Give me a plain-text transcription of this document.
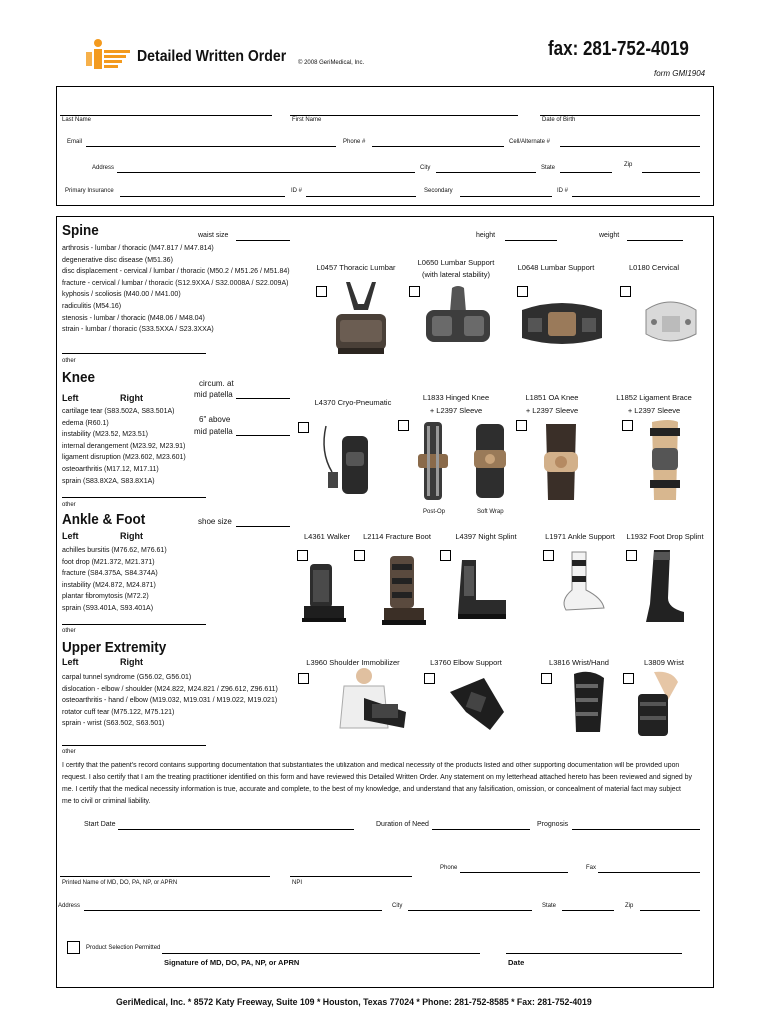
Detailed Written Order © 2008 GeriMedical, Inc.
fax: 281-752-4019
form GMI1904
Last Name	First Name	Date of Birth
Email	Phone #	Cell/Alternate #
Address	City	State	Zip
Primary Insurance	ID #	Secondary	ID #
Spine	waist size	height	weight
arthrosis - lumbar / thoracic (M47.817 / M47.814)
degenerative disc disease (M51.36)
disc displacement - cervical / lumbar / thoracic (M50.2 / M51.26 / M51.84)
fracture - cervical / lumbar / thoracic (S12.9XXA / S32.0008A / S22.009A)
kyphosis / scoliosis (M40.00 / M41.00)
radiculitis (M54.16)
stenosis - lumbar / thoracic (M48.06 / M48.04)
strain - lumbar / thoracic (S33.5XXA / S23.3XXA)
other
L0457 Thoracic Lumbar
L0650 Lumbar Support
(with lateral stability)
L0648 Lumbar Support	L0180 Cervical
Knee
Left	Right
circum. at
mid patella
6" above
mid patella
cartilage tear (S83.502A, S83.501A)
edema (R60.1)
instability (M23.52, M23.51)
internal derangement (M23.92, M23.91)
ligament disruption (M23.602, M23.601)
osteoarthritis (M17.12, M17.11)
sprain (S83.8X2A, S83.8X1A)
other
L4370 Cryo-Pneumatic
L1833 Hinged Knee
+ L2397 Sleeve
L1851 OA Knee
+ L2397 Sleeve
L1852 Ligament Brace
+ L2397 Sleeve
Post-Op	Soft Wrap
Ankle & Foot
Left	Right
shoe size
achilles bursitis (M76.62, M76.61)
foot drop (M21.372, M21.371)
fracture (S84.375A, S84.374A)
instability (M24.872, M24.871)
plantar fibromytosis (M72.2)
sprain (S93.401A, S93.401A)
other
L4361 Walker	L2114 Fracture Boot	L4397 Night Splint	L1971 Ankle Support	L1932 Foot Drop Splint
Upper Extremity
Left	Right
carpal tunnel syndrome (G56.02, G56.01)
dislocation - elbow / shoulder (M24.822, M24.821 / Z96.612, Z96.611)
osteoarthritis - hand / elbow (M19.032, M19.031 / M19.022, M19.021)
rotator cuff tear (M75.122, M75.121)
sprain - wrist (S63.502, S63.501)
other
L3960 Shoulder Immobilizer	L3760 Elbow Support	L3816 Wrist/Hand	L3809 Wrist
I certify that the patient's record contains supporting documentation that substantiates the utilization and medical necessity of the products listed and other supporting documentation will be provided upon request. I also certify that I am the treating practitioner identified on this form and have reviewed this Detailed Written Order. Any statement on my letterhead attached hereto has been reviewed and signed by me. I certify that the medical necessity information is true, accurate and complete, to the best of my knowledge, and understand that any falsification, omission, or concealment of material fact may subject me to civil or criminal liability.
Start Date	Duration of Need	Prognosis
Phone	Fax
Printed Name of MD, DO, PA, NP, or APRN	NPI
Address	City	State	Zip
Product Selection Permitted
Signature of MD, DO, PA, NP, or APRN	Date
GeriMedical, Inc. * 8572 Katy Freeway, Suite 109 * Houston, Texas 77024 * Phone: 281-752-8585 * Fax: 281-752-4019
